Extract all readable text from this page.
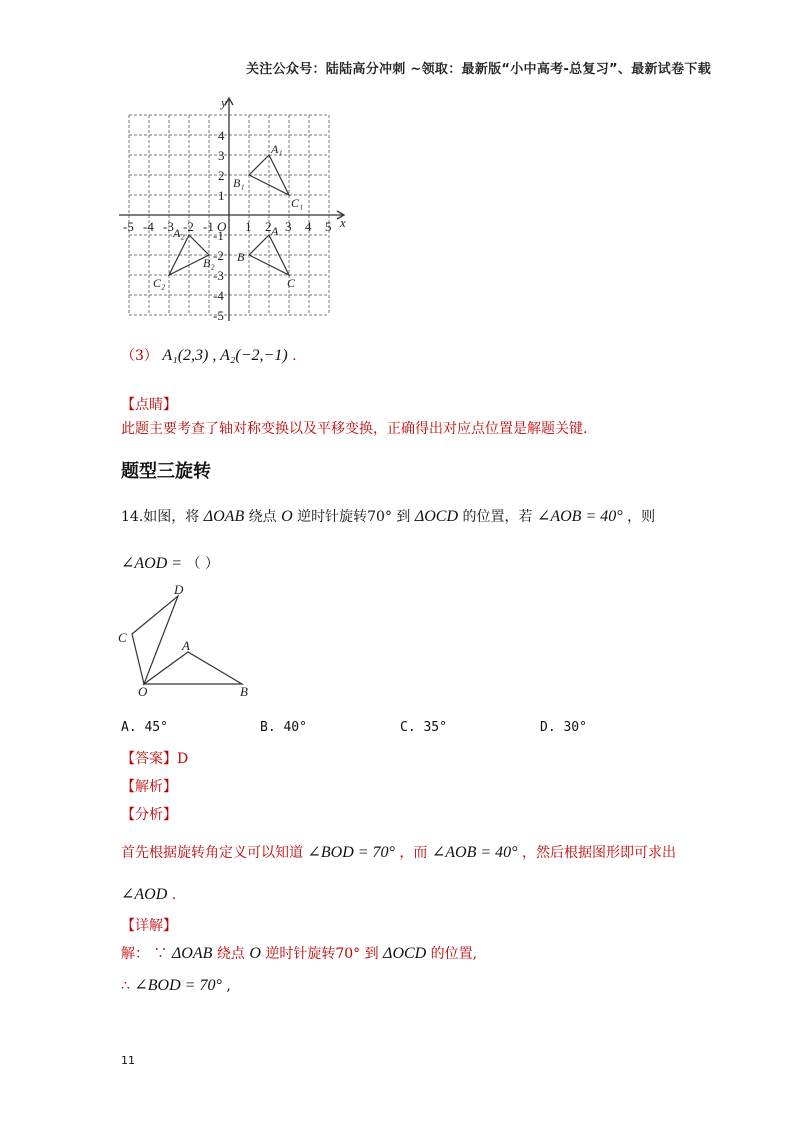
关注公众号：陆陆高分冲刺 ~领取：最新版“小中高考-总复习”、最新试卷下载
x
y
-5 -4 -3 -2 -1 O 1 2 3 4 5
4
3
2
1
-1
-2
-3
-4
-5
A₁
B₁
C₁
A₂
B₂
C₂
A
B
C
（3） A₁(2,3) , A₂(−2,−1) .
【点睛】
此题主要考查了轴对称变换以及平移变换，正确得出对应点位置是解题关键.
题型三旋转
14.如图，将 ΔOAB 绕点 O 逆时针旋转70° 到 ΔOCD 的位置，若 ∠AOB = 40° ，则
∠AOD = （ ）
D
C
A
O	B
A. 45°	B. 40°	C. 35°	D. 30°
【答案】D
【解析】
【分析】
首先根据旋转角定义可以知道 ∠BOD = 70° ，而 ∠AOB = 40° ，然后根据图形即可求出
∠AOD .
【详解】
解： ∵ ΔOAB 绕点 O 逆时针旋转70° 到 ΔOCD 的位置,
∴ ∠BOD = 70° ,
11
